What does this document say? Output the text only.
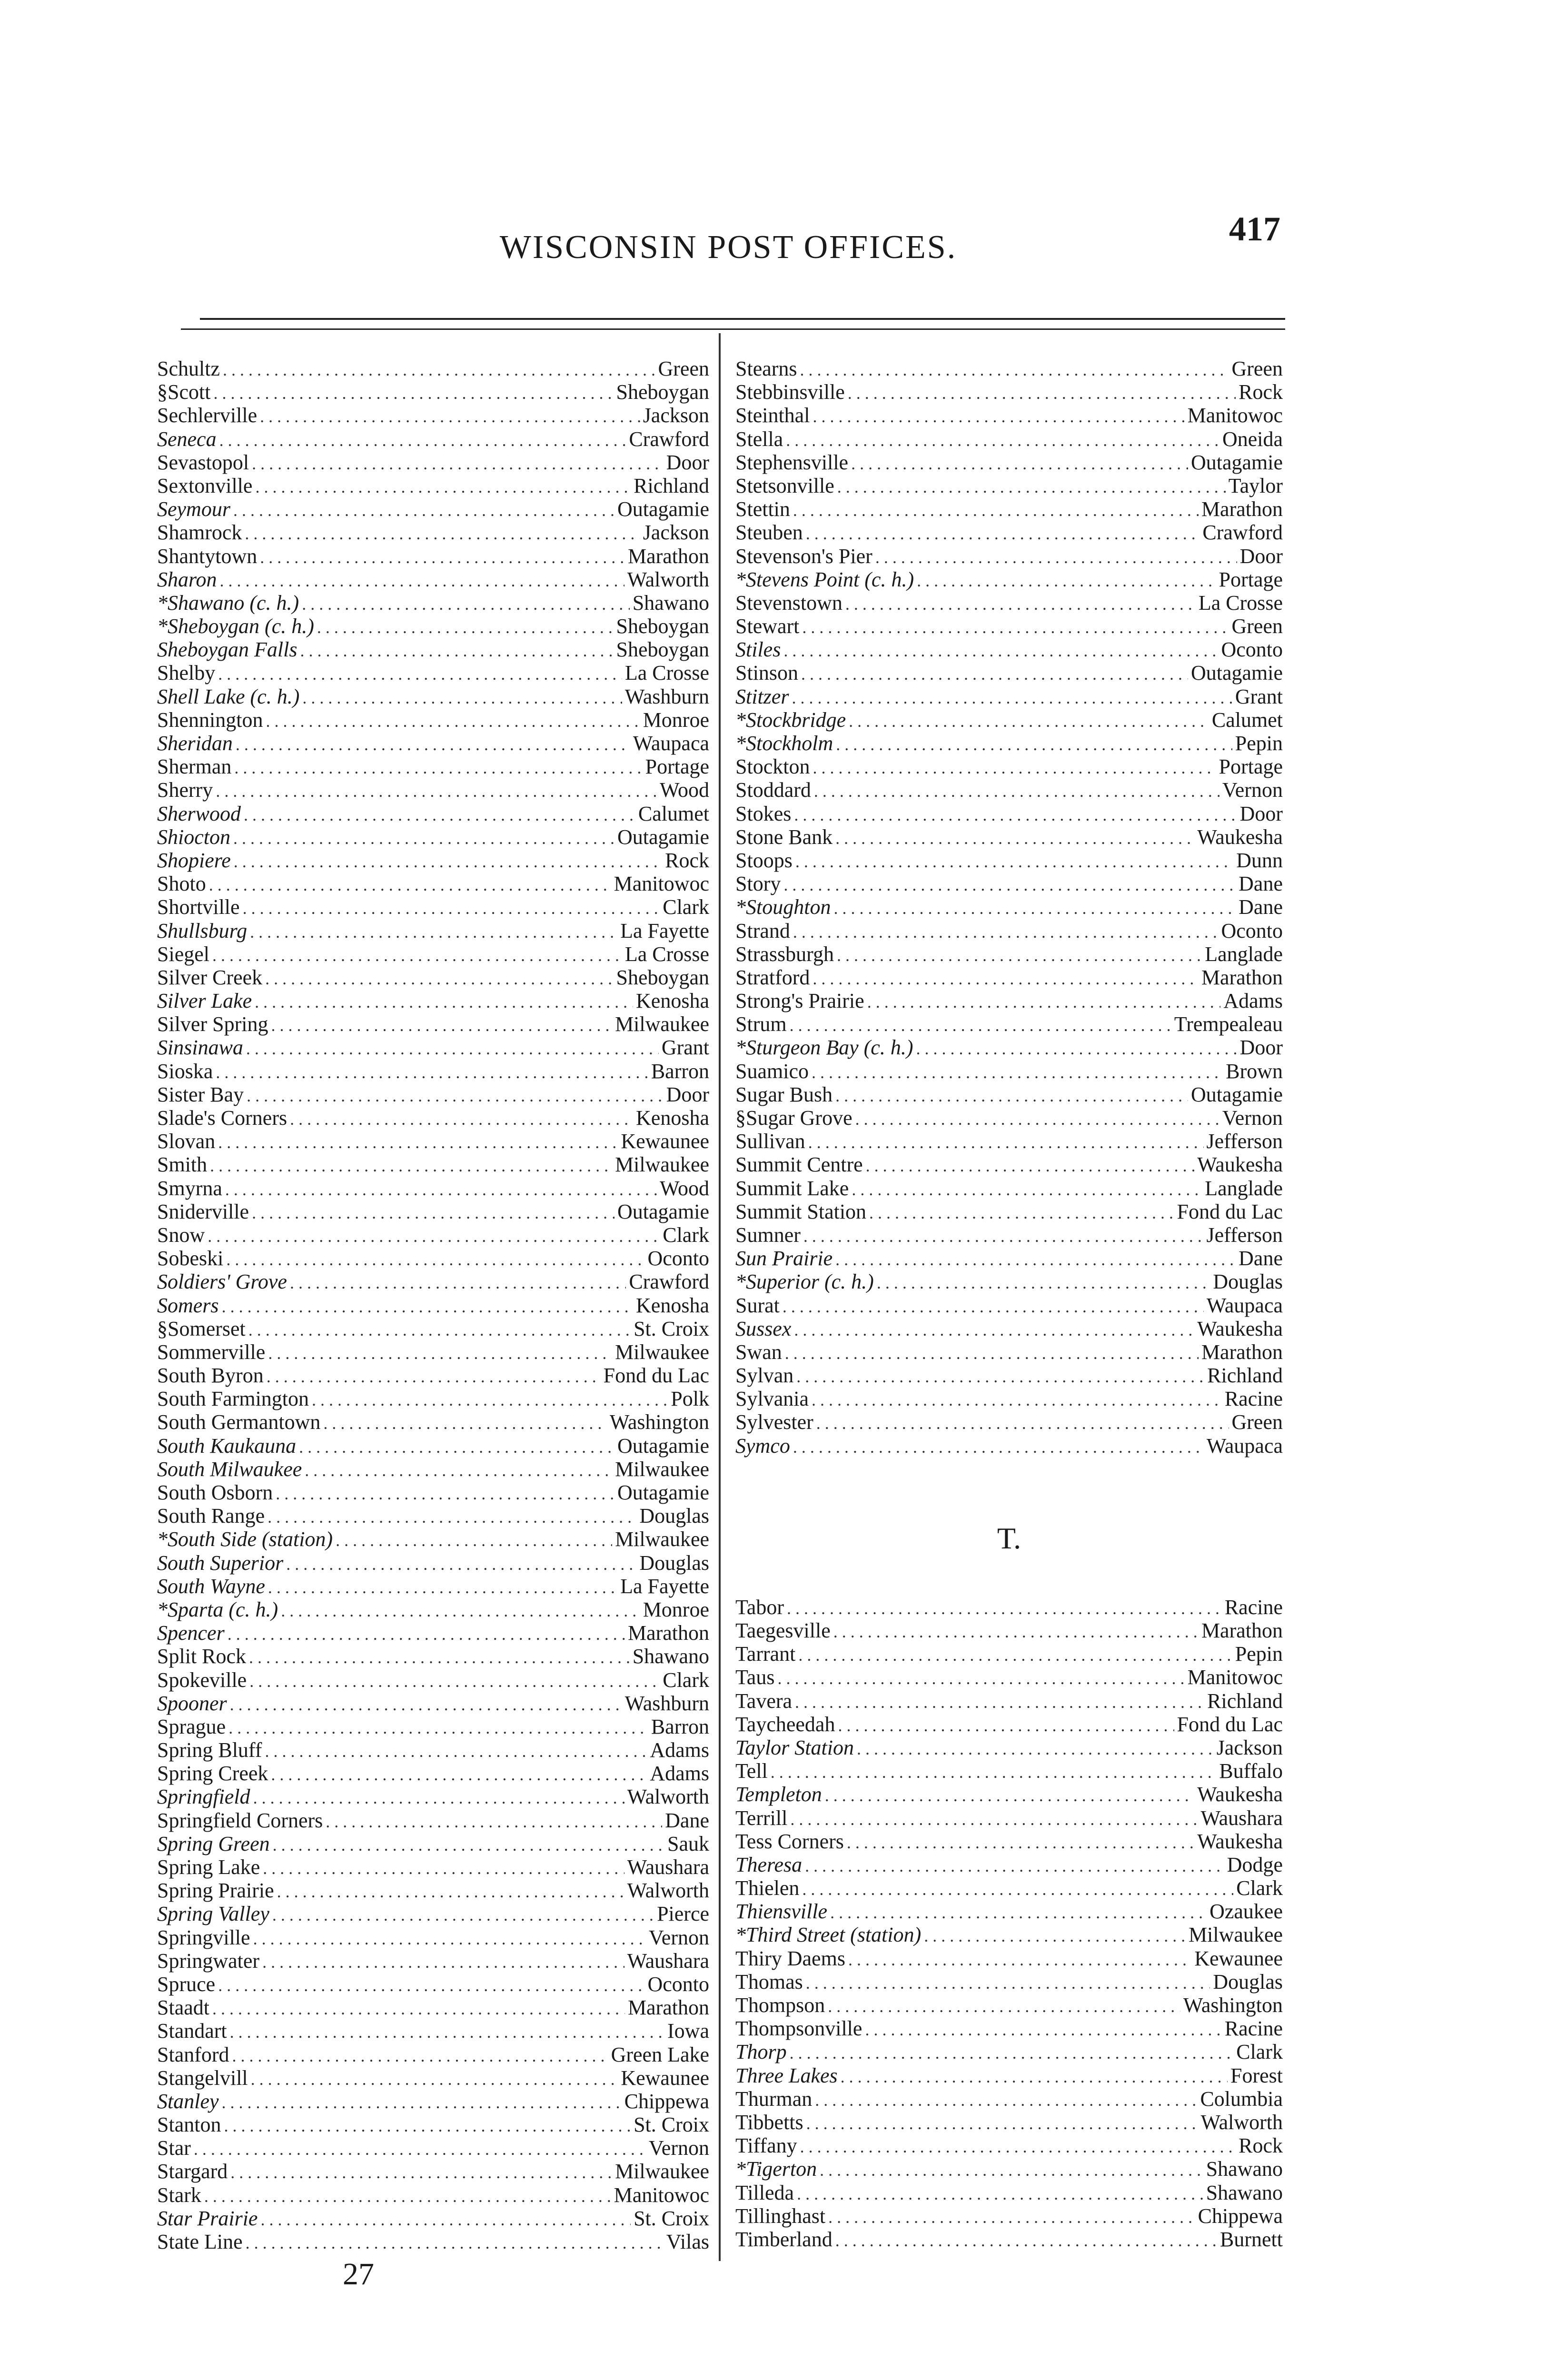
WISCONSIN POST OFFICES.	417
Schultz . . .	Green
§Scott . . .	Sheboygan
Sechlerville . . .	Jackson
Seneca . . .	Crawford
Sevastopol . . .	Door
Sextonville . . .	Richland
Seymour . . .	Outagamie
Shamrock . . .	Jackson
Shantytown . . .	Marathon
Sharon . . .	Walworth
*Shawano (c. h.) . . .	Shawano
*Sheboygan (c. h.) . . .	Sheboygan
Sheboygan Falls . . .	Sheboygan
Shelby . . .	La Crosse
Shell Lake (c. h.) . . .	Washburn
Shennington . . .	Monroe
Sheridan . . .	Waupaca
Sherman . . .	Portage
Sherry . . .	Wood
Sherwood . . .	Calumet
Shiocton . . .	Outagamie
Shopiere . . .	Rock
Shoto . . .	Manitowoc
Shortville . . .	Clark
Shullsburg . . .	La Fayette
Siegel . . .	La Crosse
Silver Creek . . .	Sheboygan
Silver Lake . . .	Kenosha
Silver Spring . . .	Milwaukee
Sinsinawa . . .	Grant
Sioska . . .	Barron
Sister Bay . . .	Door
Slade's Corners . . .	Kenosha
Slovan . . .	Kewaunee
Smith . . .	Milwaukee
Smyrna . . .	Wood
Sniderville . . .	Outagamie
Snow . . .	Clark
Sobeski . . .	Oconto
Soldiers' Grove . . .	Crawford
Somers . . .	Kenosha
§Somerset . . .	St. Croix
Sommerville . . .	Milwaukee
South Byron . . .	Fond du Lac
South Farmington . . .	Polk
South Germantown . . .	Washington
South Kaukauna . . .	Outagamie
South Milwaukee . . .	Milwaukee
South Osborn . . .	Outagamie
South Range . . .	Douglas
*South Side (station) . . .	Milwaukee
South Superior . . .	Douglas
South Wayne . . .	La Fayette
*Sparta (c. h.) . . .	Monroe
Spencer . . .	Marathon
Split Rock . . .	Shawano
Spokeville . . .	Clark
Spooner . . .	Washburn
Sprague . . .	Barron
Spring Bluff . . .	Adams
Spring Creek . . .	Adams
Springfield . . .	Walworth
Springfield Corners . . .	Dane
Spring Green . . .	Sauk
Spring Lake . . .	Waushara
Spring Prairie . . .	Walworth
Spring Valley . . .	Pierce
Springville . . .	Vernon
Springwater . . .	Waushara
Spruce . . .	Oconto
Staadt . . .	Marathon
Standart . . .	Iowa
Stanford . . .	Green Lake
Stangelvill . . .	Kewaunee
Stanley . . .	Chippewa
Stanton . . .	St. Croix
Star . . .	Vernon
Stargard . . .	Milwaukee
Stark . . .	Manitowoc
Star Prairie . . .	St. Croix
State Line . . .	Vilas
Stearns . . .	Green
Stebbinsville . . .	Rock
Steinthal . . .	Manitowoc
Stella . . .	Oneida
Stephensville . . .	Outagamie
Stetsonville . . .	Taylor
Stettin . . .	Marathon
Steuben . . .	Crawford
Stevenson's Pier . . .	Door
*Stevens Point (c. h.) . . .	Portage
Stevenstown . . .	La Crosse
Stewart . . .	Green
Stiles . . .	Oconto
Stinson . . .	Outagamie
Stitzer . . .	Grant
*Stockbridge . . .	Calumet
*Stockholm . . .	Pepin
Stockton . . .	Portage
Stoddard . . .	Vernon
Stokes . . .	Door
Stone Bank . . .	Waukesha
Stoops . . .	Dunn
Story . . .	Dane
*Stoughton . . .	Dane
Strand . . .	Oconto
Strassburgh . . .	Langlade
Stratford . . .	Marathon
Strong's Prairie . . .	Adams
Strum . . .	Trempealeau
*Sturgeon Bay (c. h.) . . .	Door
Suamico . . .	Brown
Sugar Bush . . .	Outagamie
§Sugar Grove . . .	Vernon
Sullivan . . .	Jefferson
Summit Centre . . .	Waukesha
Summit Lake . . .	Langlade
Summit Station . . .	Fond du Lac
Sumner . . .	Jefferson
Sun Prairie . . .	Dane
*Superior (c. h.) . . .	Douglas
Surat . . .	Waupaca
Sussex . . .	Waukesha
Swan . . .	Marathon
Sylvan . . .	Richland
Sylvania . . .	Racine
Sylvester . . .	Green
Symco . . .	Waupaca
T.
Tabor . . .	Racine
Taegesville . . .	Marathon
Tarrant . . .	Pepin
Taus . . .	Manitowoc
Tavera . . .	Richland
Taycheedah . . .	Fond du Lac
Taylor Station . . .	Jackson
Tell . . .	Buffalo
Templeton . . .	Waukesha
Terrill . . .	Waushara
Tess Corners . . .	Waukesha
Theresa . . .	Dodge
Thielen . . .	Clark
Thiensville . . .	Ozaukee
*Third Street (station) . . .	Milwaukee
Thiry Daems . . .	Kewaunee
Thomas . . .	Douglas
Thompson . . .	Washington
Thompsonville . . .	Racine
Thorp . . .	Clark
Three Lakes . . .	Forest
Thurman . . .	Columbia
Tibbetts . . .	Walworth
Tiffany . . .	Rock
*Tigerton . . .	Shawano
Tilleda . . .	Shawano
Tillinghast . . .	Chippewa
Timberland . . .	Burnett
27
